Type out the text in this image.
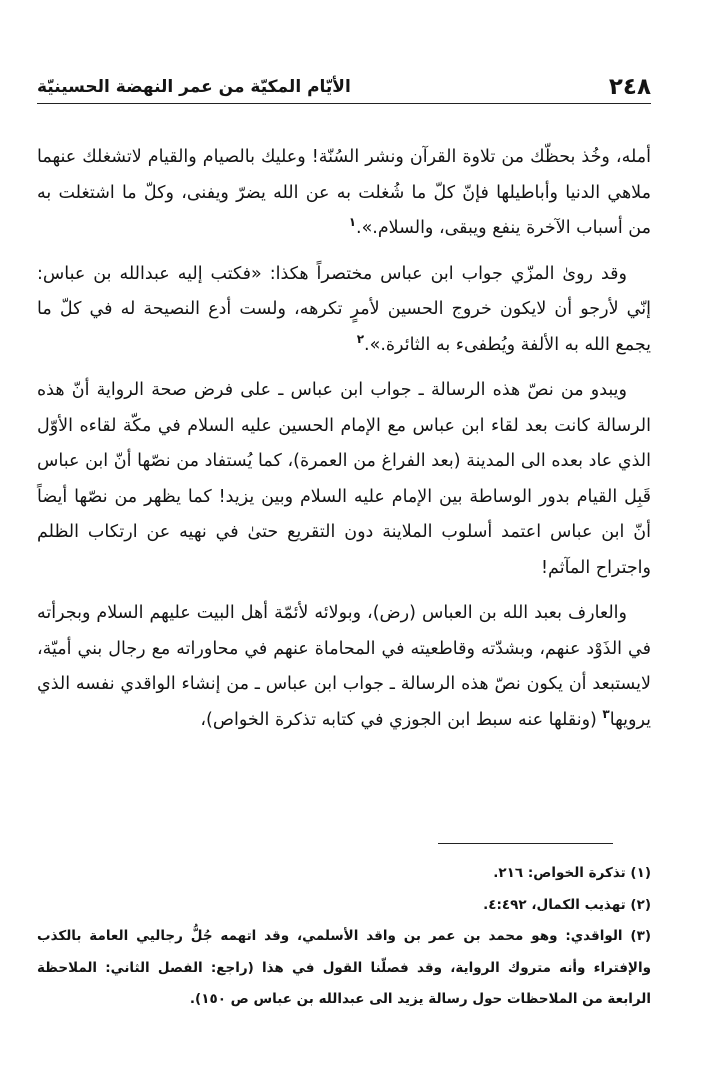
٢٤٨
الأيّام المكيّة من عمر النهضة الحسينيّة

أمله، وخُذ بحظّك من تلاوة القرآن ونشر السُنّة! وعليك بالصيام والقيام لاتشغلك عنهما ملاهي الدنيا وأباطيلها فإنّ كلّ ما شُغلت به عن الله يضرّ ويفنى، وكلّ ما اشتغلت به من أسباب الآخرة ينفع ويبقى، والسلام.».$^١$

وقد روىٰ المزّي جواب ابن عباس مختصراً هكذا: «فكتب إليه عبدالله بن عباس: إنّي لأرجو أن لايكون خروج الحسين لأمرٍ تكرهه، ولست أدع النصيحة له في كلّ ما يجمع الله به الألفة ويُطفىء به الثائرة.».$^٢$

ويبدو من نصّ هذه الرسالة ـ جواب ابن عباس ـ على فرض صحة الرواية أنّ هذه الرسالة كانت بعد لقاء ابن عباس مع الإمام الحسين عليه السلام في مكّة لقاءه الأوّل الذي عاد بعده الى المدينة (بعد الفراغ من العمرة)، كما يُستفاد من نصّها أنّ ابن عباس قَبِل القيام بدور الوساطة بين الإمام عليه السلام وبين يزيد! كما يظهر من نصّها أيضاً أنّ ابن عباس اعتمد أسلوب الملاينة دون التقريع حتىٰ في نهيه عن ارتكاب الظلم واجتراح المآثم!

والعارف بعبد الله بن العباس (رض)، وبولائه لأئمّة أهل البيت عليهم السلام وبجرأته في الذَوْد عنهم، وبشدّته وقاطعيته في المحاماة عنهم في محاوراته مع رجال بني أميّة، لايستبعد أن يكون نصّ هذه الرسالة ـ جواب ابن عباس ـ من إنشاء الواقدي نفسه الذي يرويها$^٣$ (ونقلها عنه سبط ابن الجوزي في كتابه تذكرة الخواص)،

(١) تذكرة الخواص: ٢١٦.

(٢) تهذيب الكمال، ٤:٤٩٢.

(٣) الواقدي: وهو محمد بن عمر بن واقد الأسلمي، وقد اتهمه جُلُّ رجاليي العامة بالكذب والإفتراء وأنه متروك الرواية، وقد فصلّنا القول في هذا (راجع: الفصل الثاني: الملاحظة الرابعة من الملاحظات حول رسالة يزيد الى عبدالله بن عباس ص ١٥٠).
